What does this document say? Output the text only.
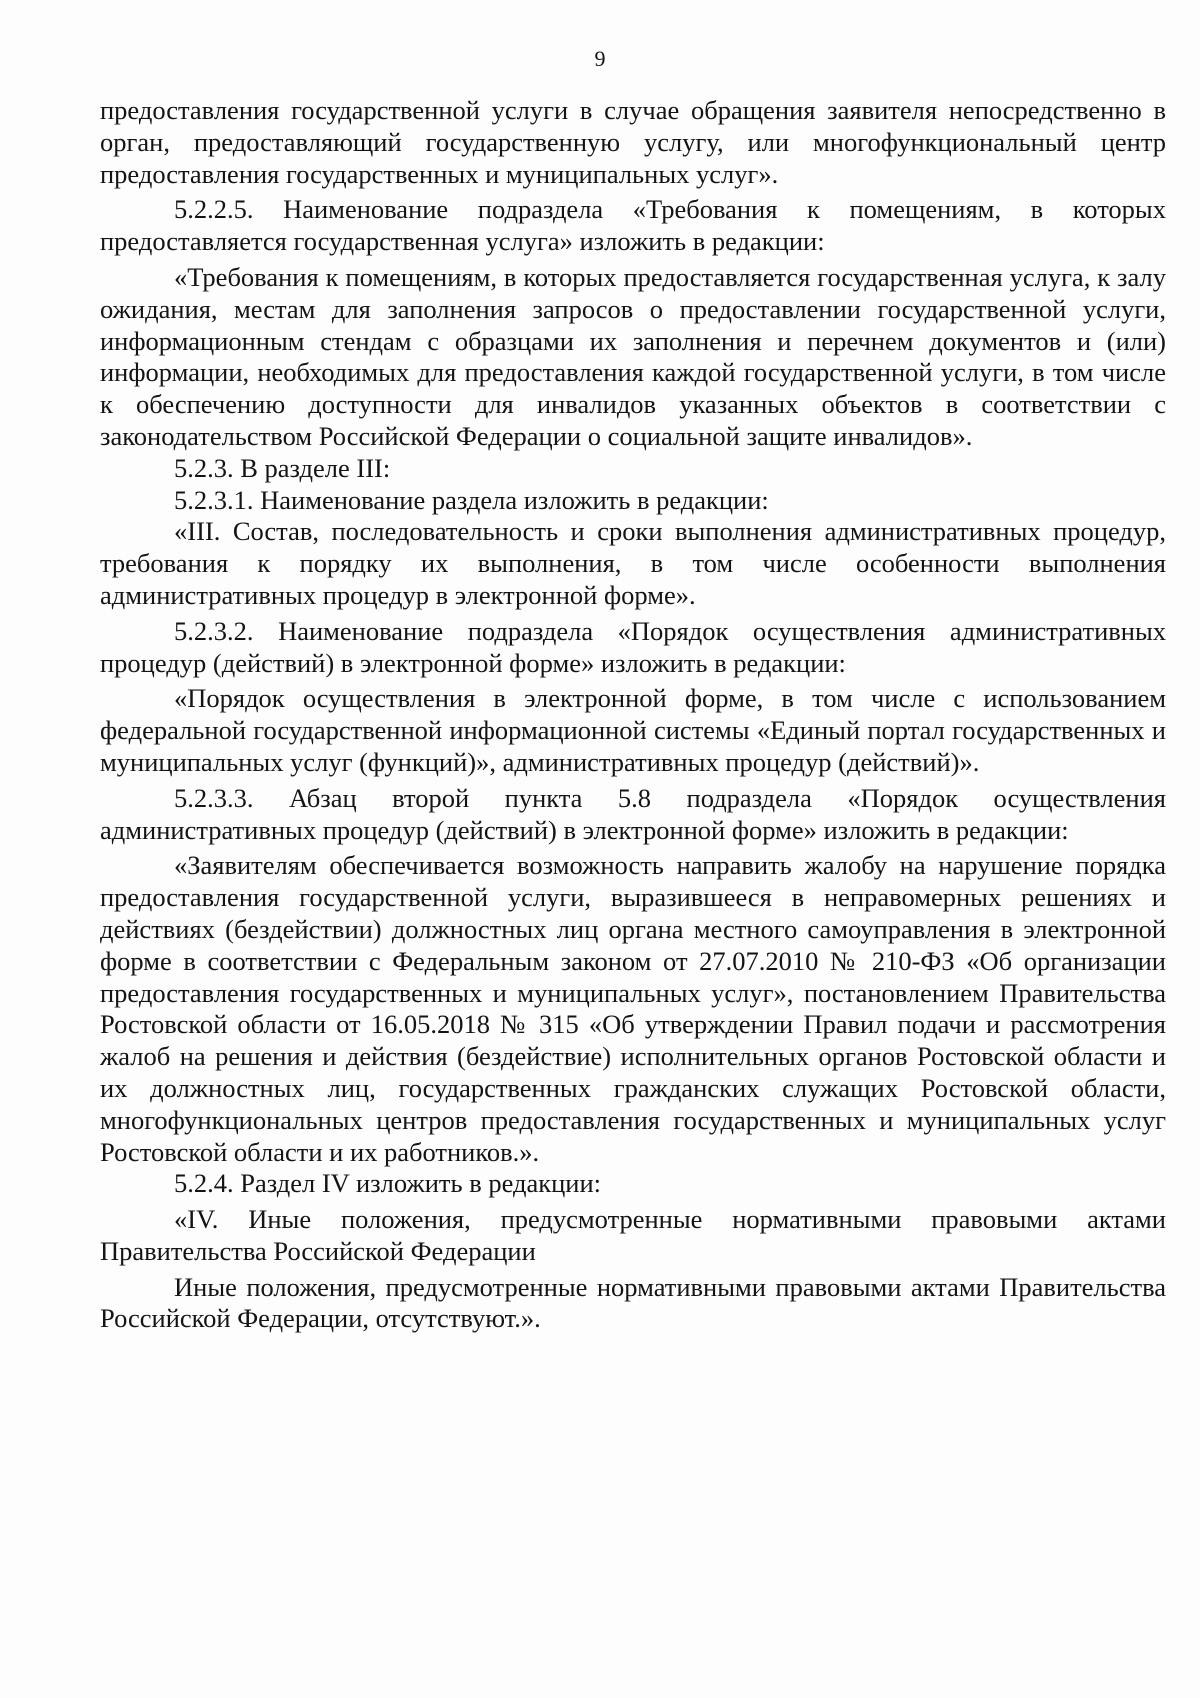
9

предоставления государственной услуги в случае обращения заявителя непосредственно в орган, предоставляющий государственную услугу, или многофункциональный центр предоставления государственных и муниципальных услуг».

5.2.2.5. Наименование подраздела «Требования к помещениям, в которых предоставляется государственная услуга» изложить в редакции:

«Требования к помещениям, в которых предоставляется государственная услуга, к залу ожидания, местам для заполнения запросов о предоставлении государственной услуги, информационным стендам с образцами их заполнения и перечнем документов и (или) информации, необходимых для предоставления каждой государственной услуги, в том числе к обеспечению доступности для инвалидов указанных объектов в соответствии с законодательством Российской Федерации о социальной защите инвалидов».

5.2.3. В разделе III:

5.2.3.1. Наименование раздела изложить в редакции:

«III. Состав, последовательность и сроки выполнения административных процедур, требования к порядку их выполнения, в том числе особенности выполнения административных процедур в электронной форме».

5.2.3.2. Наименование подраздела «Порядок осуществления административных процедур (действий) в электронной форме» изложить в редакции:

«Порядок осуществления в электронной форме, в том числе с использованием федеральной государственной информационной системы «Единый портал государственных и муниципальных услуг (функций)», административных процедур (действий)».

5.2.3.3. Абзац второй пункта 5.8 подраздела «Порядок осуществления административных процедур (действий) в электронной форме» изложить в редакции:

«Заявителям обеспечивается возможность направить жалобу на нарушение порядка предоставления государственной услуги, выразившееся в неправомерных решениях и действиях (бездействии) должностных лиц органа местного самоуправления в электронной форме в соответствии с Федеральным законом от 27.07.2010 № 210-ФЗ «Об организации предоставления государственных и муниципальных услуг», постановлением Правительства Ростовской области от 16.05.2018 № 315 «Об утверждении Правил подачи и рассмотрения жалоб на решения и действия (бездействие) исполнительных органов Ростовской области и их должностных лиц, государственных гражданских служащих Ростовской области, многофункциональных центров предоставления государственных и муниципальных услуг Ростовской области и их работников.».

5.2.4. Раздел IV изложить в редакции:

«IV. Иные положения, предусмотренные нормативными правовыми актами Правительства Российской Федерации

Иные положения, предусмотренные нормативными правовыми актами Правительства Российской Федерации, отсутствуют.».
